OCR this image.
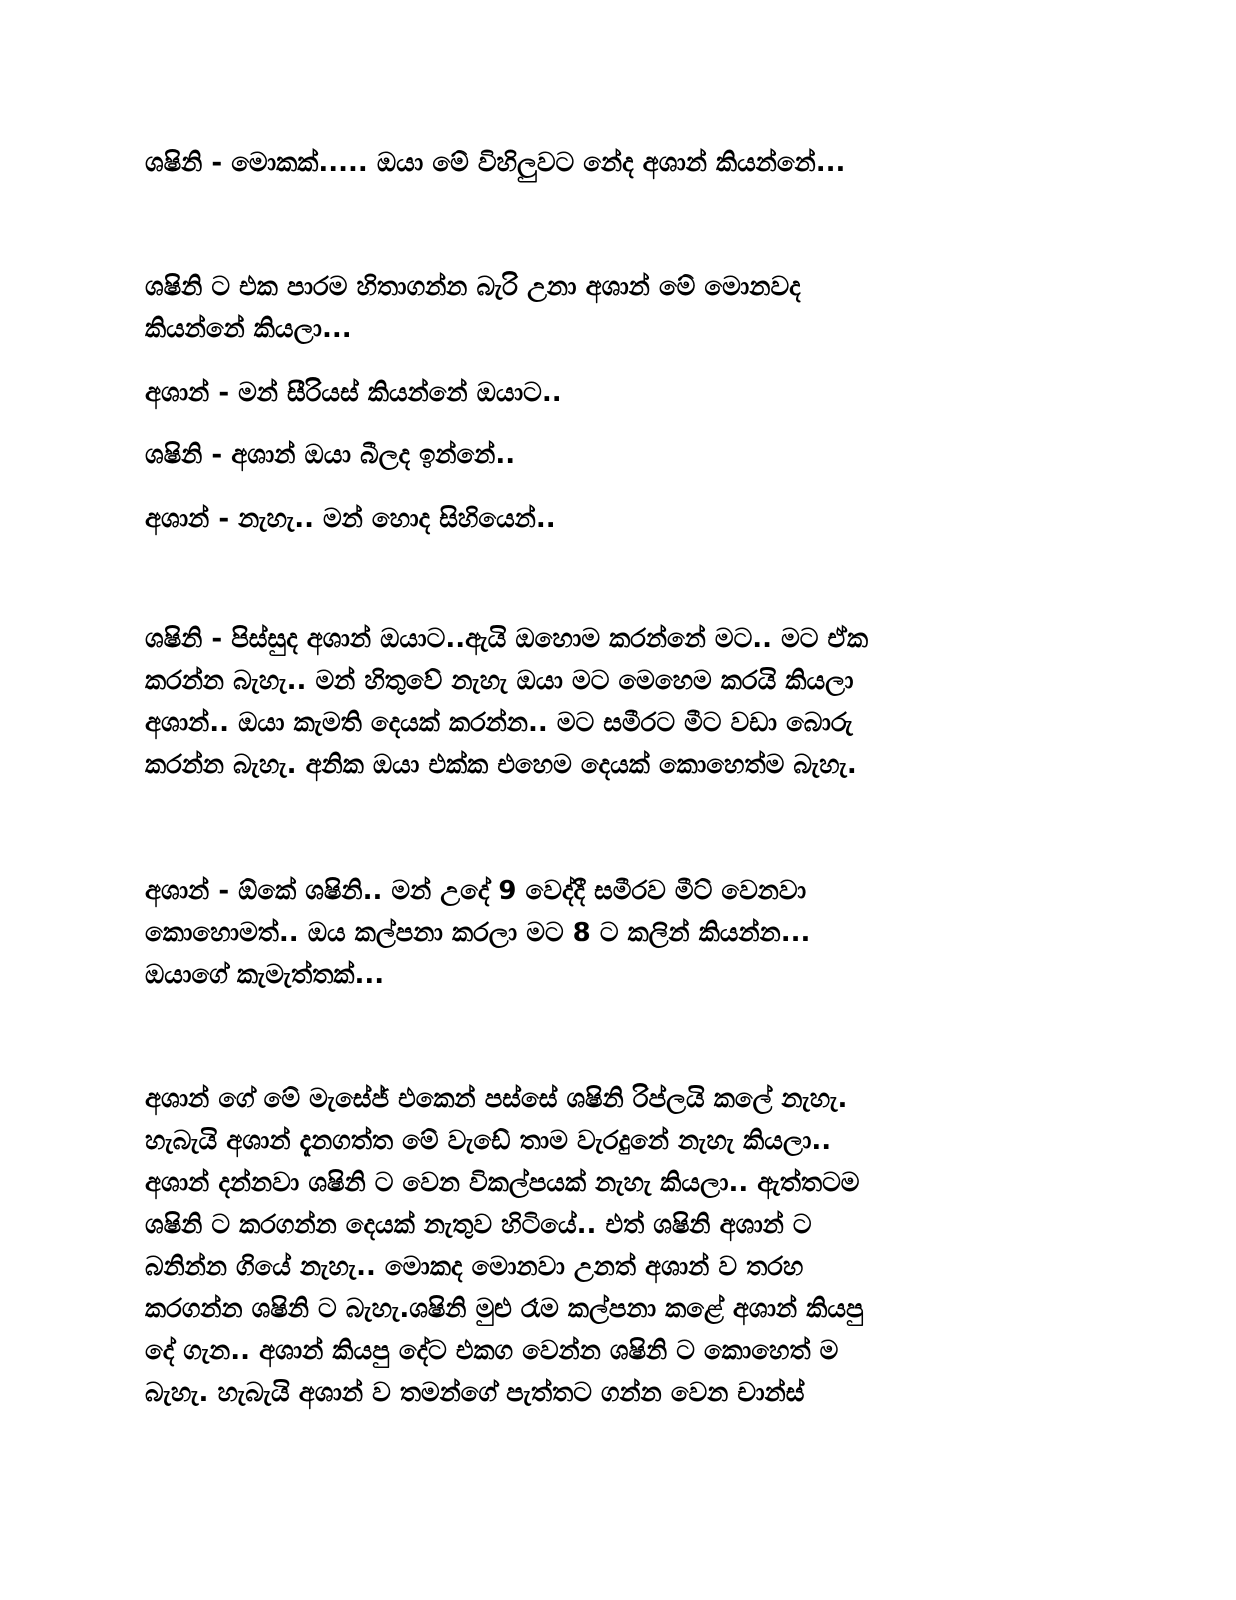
ශෂිනි - මොකක්..... ඔයා මේ විහිලුවට නේද අශාන් කියන්නේ...

ශෂිනි ට එක පාරම හිතාගන්න බැරි උනා අශාන් මේ මොනවද
කියන්නේ කියලා...

අශාන් - මන් සීරියස් කියන්නේ ඔයාට..

ශෂිනි - අශාන් ඔයා බීලද ඉන්නේ..

අශාන් - නැහැ.. මන් හොද සිහියෙන්..

ශෂිනි - පිස්සුද අශාන් ඔයාට..ඇයි ඔහොම කරන්නේ මට.. මට ඒක
කරන්න බැහැ.. මන් හිතුවේ නැහැ ඔයා මට මෙහෙම කරයි කියලා
අශාන්.. ඔයා කැමති දෙයක් කරන්න.. මට සමීරට මීට වඩා බොරු
කරන්න බැහැ. අනික ඔයා එක්ක එහෙම දෙයක් කොහෙත්ම බැහැ.

අශාන් - ඕකේ ශෂිනි.. මන් උදේ 9 වෙද්දී සමීරව මීට් වෙනවා
කොහොමත්.. ඔය කල්පනා කරලා මට 8 ට කලින් කියන්න...
ඔයාගේ කැමැත්තක්...

අශාන් ගේ මේ මැසේජ් එකෙන් පස්සේ ශෂිනි රිප්ලයි කලේ නැහැ.
හැබැයි අශාන් දැනගත්ත මේ වැඩේ තාම වැරදුනේ නැහැ කියලා..
අශාන් දන්නවා ශෂිනි ට වෙන විකල්පයක් නැහැ කියලා.. ඇත්තටම
ශෂිනි ට කරගන්න දෙයක් නැතුව හිටියේ.. එත් ශෂිනි අශාන් ට
බනින්න ගියේ නැහැ.. මොකද මොනවා උනත් අශාන් ව තරහ
කරගන්න ශෂිනි ට බැහැ.ශෂිනි මුළු රෑම කල්පනා කළේ අශාන් කියපු
දේ ගැන.. අශාන් කියපු දේට එකග වෙන්න ශෂිනි ට කොහෙත් ම
බැහැ. හැබැයි අශාන් ව තමන්ගේ පැත්තට ගන්න වෙන චාන්ස්
